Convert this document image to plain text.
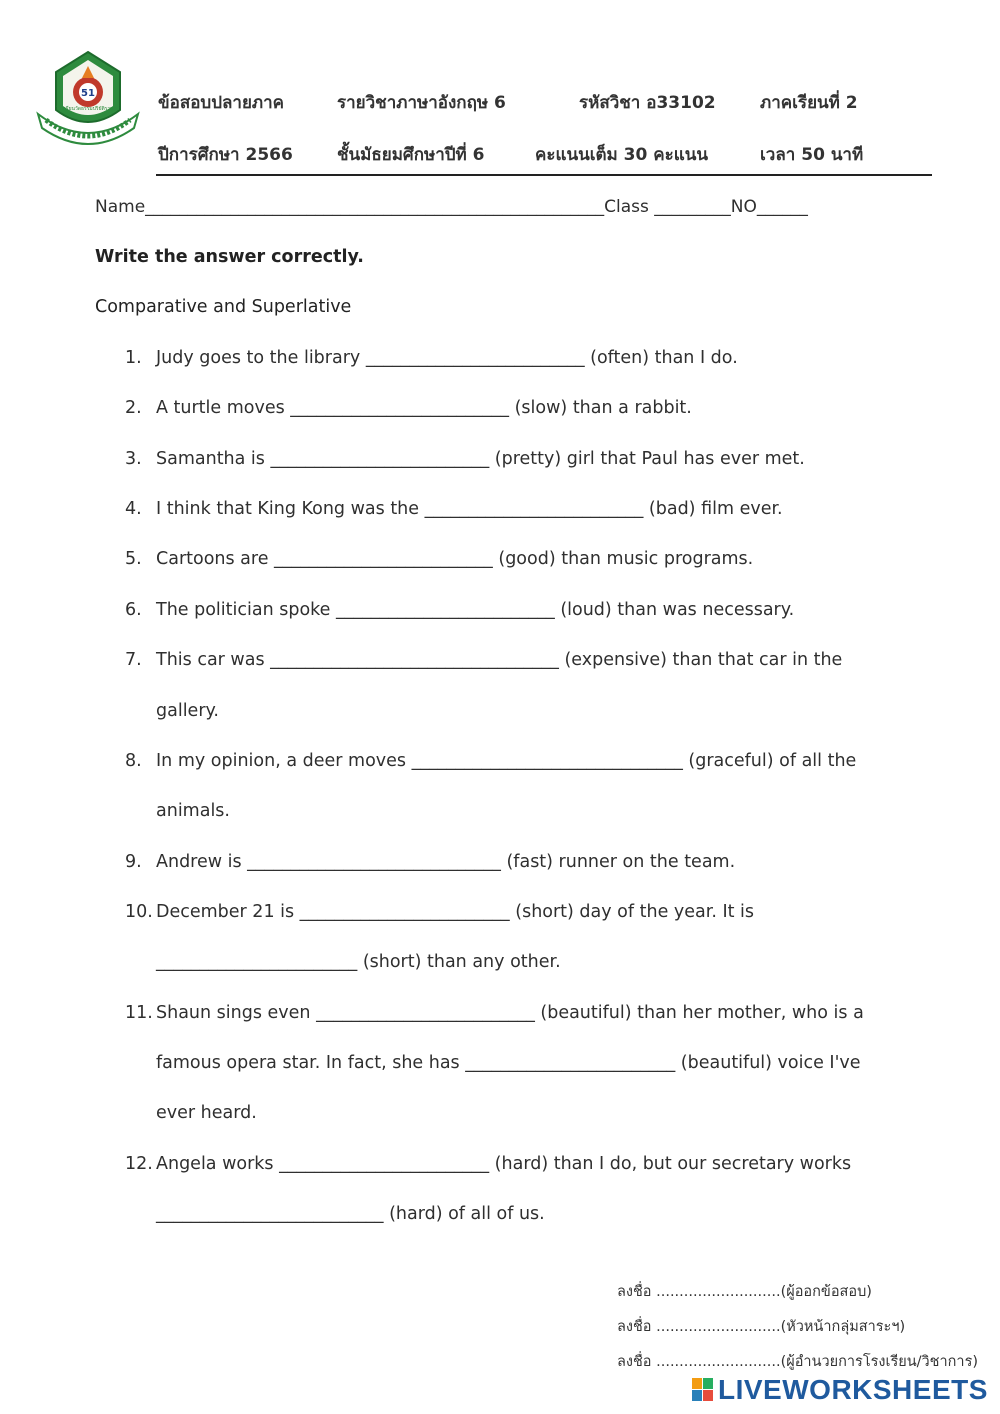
51
โรงเรียนวัดธรรมปริยัติราษฎร์ ข้อสอบปลายภาค	รายวิชาภาษาอังกฤษ 6	รหัสวิชา อ33102	ภาคเรียนที่ 2
ปีการศึกษา 2566	ชั้นมัธยมศึกษาปีที่ 6	คะแนนเต็ม 30 คะแนน	เวลา 50 นาที
Name______________________________________________________Class _________NO______
Write the answer correctly.
Comparative and Superlative
1. Judy goes to the library _________________________ (often) than I do.
2. A turtle moves _________________________ (slow) than a rabbit.
3. Samantha is _________________________ (pretty) girl that Paul has ever met.
4. I think that King Kong was the _________________________ (bad) film ever.
5. Cartoons are _________________________ (good) than music programs.
6. The politician spoke _________________________ (loud) than was necessary.
7. This car was _________________________________ (expensive) than that car in the
gallery.
8. In my opinion, a deer moves _______________________________ (graceful) of all the
animals.
9. Andrew is _____________________________ (fast) runner on the team.
10. December 21 is ________________________ (short) day of the year. It is
_______________________ (short) than any other.
11. Shaun sings even _________________________ (beautiful) than her mother, who is a
famous opera star. In fact, she has ________________________ (beautiful) voice I've
ever heard.
12. Angela works ________________________ (hard) than I do, but our secretary works
__________________________ (hard) of all of us.
ลงชื่อ ...........................(ผู้ออกข้อสอบ)
ลงชื่อ ...........................(หัวหน้ากลุ่มสาระฯ)
ลงชื่อ ...........................(ผู้อำนวยการโรงเรียน/วิชาการ)
LIVEWORKSHEETS
